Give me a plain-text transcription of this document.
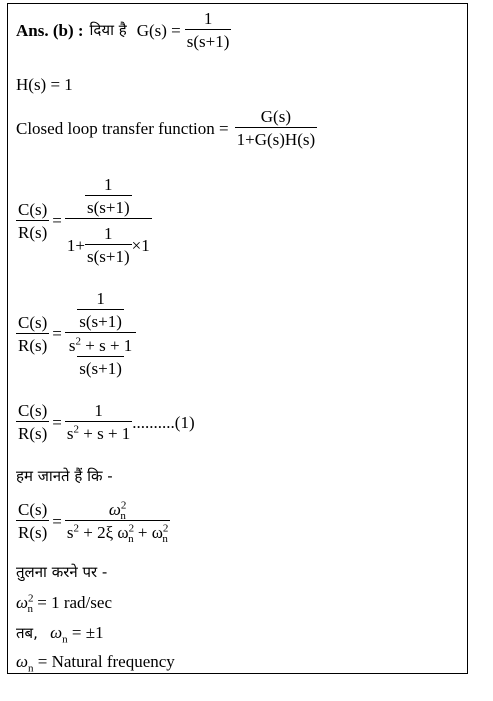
Ans. (b) : दिया है $G(s) = \frac{1}{s(s+1)}$
H(s) = 1
Closed loop transfer function = $\frac{G(s)}{1+G(s)H(s)}$
$\frac{C(s)}{R(s)} = \frac{\frac{1}{s(s+1)}}{1+ \frac{1}{s(s+1)} \times 1}$
$\frac{C(s)}{R(s)} = \frac{\frac{1}{s(s+1)}}{\frac{s^2 + s + 1}{s(s+1)}}$
$\frac{C(s)}{R(s)} = \frac{1}{s^2 + s + 1} ..........(1)$
हम जानते हैं कि -
$\frac{C(s)}{R(s)} = \frac{\omega^2_n}{s^2 + 2\xi \omega^2_n + \omega^2_n}$
तुलना करने पर -
$\omega^2_n = 1$ rad/sec
तब, $\omega_n = \pm 1$
$\omega_n$ = Natural frequency
